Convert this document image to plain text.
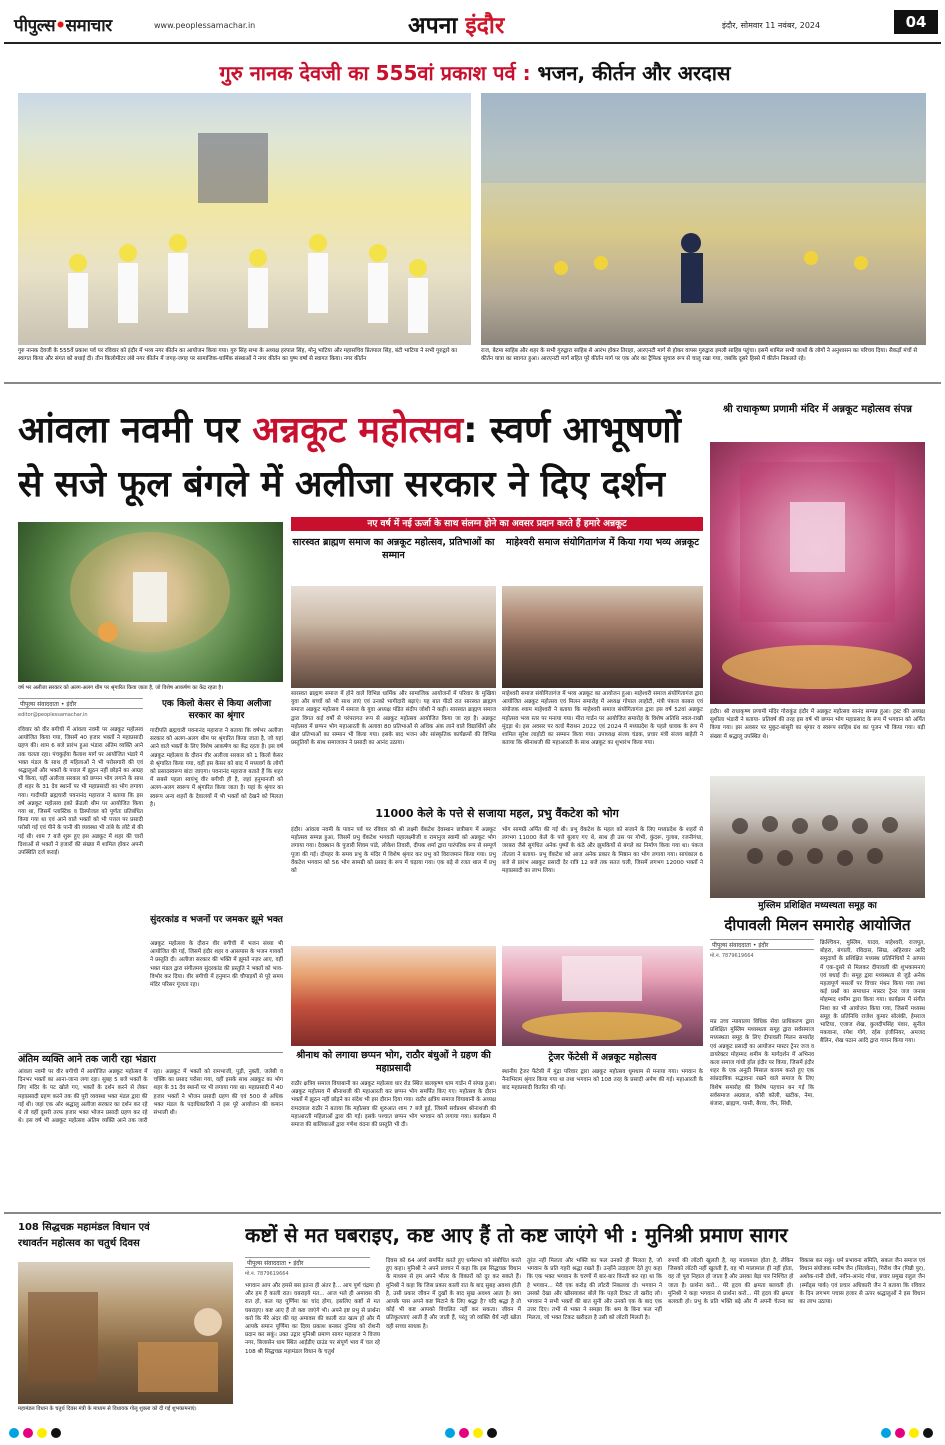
पीपुल्स•समाचार	www.peoplessamachar.in	अपना इंदौर	इंदौर, सोमवार 11 नवंबर, 2024	04
गुरु नानक देवजी का 555वां प्रकाश पर्व : भजन, कीर्तन और अरदास
गुरु नानक देवजी के 555वें प्रकाश पर्व पर रविवार को इंदौर में भव्य नगर कीर्तन का आयोजन किया गया। गुरु सिंह सभा के अध्यक्ष हरपाल सिंह, मोनू भाटिया और महासचिव प्रितपाल सिंह, बंटी भाटिया ने सभी गुरुद्वारे का स्वागत किया और संगत को बधाई दी। तीन किलोमीटर लंबे नगर कीर्तन में जगह-जगह पर सामाजिक-धार्मिक संस्थाओं ने नगर कीर्तन का पुष्प वर्षा से स्वागत किया। नगर कीर्तन
राज, बेटमा साहिब और शहर के सभी गुरुद्वारा साहिब से आरंभ होकर तिराहा, आरएनटी मार्ग से होकर वापस गुरुद्वारा इमली साहिब पहुंचा। इसमें शामिल सभी जत्थों के लोगों ने अनुशासन का परिचय दिया। सैकड़ों मंचों से कीर्तन यात्रा का स्वागत हुआ। आरएनटी मार्ग सहित पूरे कीर्तन मार्ग पर एक ओर का ट्रैफिक सुचारु रूप से चालू रखा गया, जबकि दूसरे हिस्से में कीर्तन निकलते रहे।
आंवला नवमी पर अन्नकूट महोत्सव: स्वर्ण आभूषणों
से सजे फूल बंगले में अलीजा सरकार ने दिए दर्शन
वर्ष भर अलीजा सरकार को अलग-अलग थीम पर श्रृंगारित किया जाता है, जो विशेष आकर्षण का केंद्र रहता है।
पीपुल्स संवाददाता • इंदौर
editor@peoplessamachar.in
रविवार को वीर बगीची में आंवला नवमी पर अन्नकूट महोत्सव आयोजित किया गया, जिसमें 40 हजार भक्तों ने महाप्रसादी ग्रहण की। शाम 6 बजे प्रारंभ हुआ भंडारा अंतिम व्यक्ति आने तक चलता रहा। पंचकुईया कैलाश मार्ग पर आयोजित भंडारे में भक्त मंडल के साथ ही महिलाओं ने भी परोसगारी की एवं श्रद्धालुओं और भक्तों के पत्तल में झूठन नहीं छोड़ने का आग्रह भी किया, यहीं अलीजा सरकार को छप्पन भोग लगाने के साथ ही शहर के 31 देव स्थानों पर भी महाप्रसादी का भोग लगाया गया। गादीपति ब्रह्मचारी पवनानंद महाराज ने बताया कि इस वर्ष अन्नकूट महोत्सव इको फ्रेंडली थीम पर आयोजित किया गया था, जिसमें प्लास्टिक व डिस्पोजल को पूर्णतः प्रतिबंधित किया गया था एवं आने वाले भक्तों को भी पत्तल पर प्रसादी परोसी गई एवं पीने के पानी की व्यवस्था भी तांबे के लोटे से की गई थी। शाम 7 बजे शुरू हुए इस अन्नकूट में शहर की चारों दिशाओं से भक्तों ने हजारों की संख्या में शामिल होकर अपनी उपस्थिति दर्ज कराई।
एक किलो केसर से किया अलीजा सरकार का श्रृंगार
गादीपति ब्रह्मचारी पवनानंद महाराज ने बताया कि वर्षभर अलीजा सरकार को अलग-अलग थीम पर श्रृंगारित किया जाता है, जो यहां आने वाले भक्तों के लिए विशेष आकर्षण का केंद्र रहता है। इस वर्ष अन्नकूट महोत्सव के दौरान वीर अलीजा सरकार को 1 किलो केसर से श्रृंगारित किया गया, वहीं इस केसर को बाद में मध्यवर्ग के लोगों को प्रसादस्वरूप बांटा जाएगा। पवनानंद महाराज बताते हैं कि शहर में सबसे पहला स्वयंभू वीर बगीची ही है, जहां हनुमानजी को अलग-अलग स्वरूप में श्रृंगारित किया जाता है। यहां के श्रृंगार का स्वरूप अन्य शहरों के देवालयों में भी भक्तों को देखने को मिलता है।
सुंदरकांड व भजनों पर जमकर झूमे भक्त
अन्नकूट महोत्सव के दौरान वीर बगीची में भजन संध्या भी आयोजित की गई, जिसमें इंदौर शहर व आसपास के भजन गायकों ने प्रस्तुति दी। अलीजा सरकार की भक्ति में झूमते नज़र आए, वहीं भक्त मंडल द्वारा संगीतमय सुंदरकांड की प्रस्तुति ने भक्तों को भाव-विभोर कर दिया। वीर बगीची में हनुमान की चौपाइयों से पूरे समय मंदिर परिसर गूंजता रहा।
अंतिम व्यक्ति आने तक जारी रहा भंडारा
आंवला नवमी पर वीर बगीची में आयोजित अन्नकूट महोत्सव में दिनभर भक्तों का आना-जाना लगा रहा। सुबह 5 बजे भक्तों के लिए मंदिर के पट खोले गए, भक्तों के दर्शन करने से लेकर महाप्रसादी ग्रहण करने तक की पूरी व्यवस्था भक्त मंडल द्वारा की गई थी। जहां एक ओर श्रद्धालु अलीजा सरकार का दर्शन कर रहे थे तो वहीं दूसरी तरफ हजार भक्त भोजन प्रसादी ग्रहण कर रहे थे। इस वर्ष भी अन्नकूट महोत्सव अंतिम व्यक्ति आने तक जारी रहा। अन्नकूट में भक्तों को रामभाजी, पुड़ी, नुक्ती, जलेबी व चक्कि का प्रसाद परोसा गया, वहीं इसके साथ अन्नकूट का भोग शहर के 31 देव स्थानों पर भी लगाया गया था। महाप्रसादी में 40 हजार भक्तों ने भोजन प्रसादी ग्रहण की एवं 500 से अधिक भक्त मंडल के पदाधिकारियों ने इस पूरे आयोजन की कमान संभाली थी।
नए वर्ष में नई ऊर्जा के साथ संलग्न होने का अवसर प्रदान करते हैं हमारे अन्नकूट
सारस्वत ब्राह्मण समाज का अन्नकूट महोत्सव, प्रतिभाओं का सम्मान
सारस्वत ब्राह्मण समाज में होने वाले विभिन्न धार्मिक और सामाजिक आयोजनों में परिवार के मुखिया युवा और बच्चों को भी साथ लाएं एवं उनको भागीदारी बढ़ाएं। यह बात पीठों रात सारस्वत ब्राह्मण समाज अन्नकूट महोत्सव में समाज के युवा अध्यक्ष पंडित संदीप जोशी ने कही। सारस्वत ब्राह्मण समाज द्वारा विगत कई वर्षों से परंपरागत रूप से अन्नकूट महोत्सव आयोजित किया जा रहा है। अन्नकूट महोत्सव में छप्पन भोग महाआरती के अलावा 80 प्रतिभाओं से अधिक अंक लाने वाले विद्यार्थियों और खेल प्रतिभाओं का सम्मान भी किया गया। इसके बाद भजन और सांस्कृतिक कार्यक्रमों की विभिन्न प्रस्तुतियों के साथ समाजजन ने प्रसादी का आनंद उठाया।
माहेश्वरी समाज संयोगितागंज में किया गया भव्य अन्नकूट
माहेश्वरी समाज संयोगितागंज में भव्य अन्नकूट का आयोजन हुआ। माहेश्वरी समाज संयोगितागंज द्वारा आयोजित अन्नकूट महोत्सव एवं मिलन समारोह में अध्यक्ष गोपाल लाहोटी, मंत्री पंकज काबरा एवं संयोजक श्याम माहेश्वरी ने बताया कि माहेश्वरी समाज संयोगितागंज द्वारा इस वर्ष 52वां अन्नकूट महोत्सव भव्य स्तर पर मनाया गया। मीरा गार्डन पर आयोजित समारोह के विशेष अतिथि नवल-राखी मूंदड़ा थे। इस अवसर पर वर्ल्ड मैराथन 2022 एवं 2024 में मध्यप्रदेश के पहले धावक के रूप में शामिल सुरेश लाहोटी का सम्मान किया गया। उपाध्यक्ष संजय चंडक, प्रचार मंत्री संजय बाहेती ने बताया कि श्रीनाथजी की महाआरती के साथ अन्नकूट का शुभारंभ किया गया।
11000 केले के पत्ते से सजाया महल, प्रभु वैंकटेश को भोग
इंदौर। आंवला नवमी के पावन पर्व पर रविवार को श्री लक्ष्मी वेंकटेश देवस्थान छत्रीबाग में अन्नकूट महोत्सव सम्पन्न हुआ, जिसमें प्रभु वेंकटेश भगवती महालक्ष्मीजी व रामानुज स्वामी को अन्नकूट भोग लगाया गया। देवस्थान के पुजारी शिवम पांडे, लोकेश तिवारी, दीपक शर्मा द्वारा पारंपरिक रूप से सम्पूर्ण पूजा की गई। दोपहर के समय प्रभु के मंदिर में विशेष श्रृंगार कर प्रभु को विराजमान किया गया। प्रभु वेंकटेश भगवान को 56 भोग सामग्री को प्रसाद के रूप में चढ़ाया गया। एक बड़े से रजत थाल में प्रभु को
भोग सामग्री अर्पित की गई थी। प्रभु वेंकटेश के महल को सजाने के लिए मध्यप्रदेश के शहरों से लगभग 11000 केले के पत्ते बुलाए गए थे, साथ ही उस पर गोभी, कुंदरू, गुलाब, रजनीगंधा, जरबरा जैसे सुगंधित अनेक पुष्पों के कंठे और झुमकियों से बंगले का निर्माण किया गया था। पंकज तोतला ने बताया- प्रभु वेंकटेश को आज अनेक प्रकार के मिष्ठान का भोग लगाया गया। सायंकाल 6 बजे से प्रारंभ अन्नकूट प्रसादी देर रात्रि 12 बजे तक सतत चली, जिसमें लगभग 12000 भक्तों ने महाप्रसादी का लाभ लिया।
श्रीनाथ को लगाया छप्पन भोग, राठौर बंधुओं ने ग्रहण की महाप्रसादी
राठौर क्षत्रिय समाज वियाबानी का अन्नकूट महोत्सव धार रोड स्थित बालकृष्ण धाम गार्डन में संपन्न हुआ। अन्नकूट महोत्सव में श्रीनाथजी की महाआरती कर छप्पन भोग समर्पित किए गए। महोत्सव के दौरान भक्तों में झूठन नहीं छोड़ने का संदेश भी इस दौरान दिया गया। राठौर क्षत्रिय समाज वियाबानी के अध्यक्ष रामदयाल राठौर ने बताया कि महोत्सव की शुरुआत शाम 7 बजे हुई, जिसमें सर्वप्रथम श्रीनाथजी की महाआरती महिलाओं द्वारा की गई। इसके पश्चात छप्पन भोग भगवान को लगाया गया। कार्यक्रम में समाज की बालिकाओं द्वारा गणेश वंदना की प्रस्तुति भी दी।
ट्रेजर फेंटेसी में अन्नकूट महोत्सव
स्थानीय ट्रेजर फेंटेसी में मुंद्रा परिवार द्वारा अन्नकूट महोत्सव धूमधाम से मनाया गया। भगवान के नैनाभिराम श्रृंगार किया गया था तथा भगवान को 108 तरह के प्रसादी अर्पण की गई। महाआरती के बाद महाप्रसादी वितरित की गई।
श्री राधाकृष्ण प्रणामी मंदिर में अन्नकूट महोत्सव संपन्न
इंदौर। श्री राधाकृष्ण प्रणामी मंदिर गोराकुंड इंदौर में अन्नकूट महोत्सव सानंद सम्पन्न हुआ। ट्रस्ट की अध्यक्ष सुशीला भंडारी ने बताया- प्रतिवर्ष की तरह इस वर्ष भी छप्पन भोग महाप्रसाद के रूप में भगवान को अर्पित किया गया। इस अवसर पर मुकुट-बांसुरी का श्रृंगार व स्वरूप साहिब ग्रंथ का पूजन भी किया गया। बड़ी संख्या में श्रद्धालु उपस्थित थे।
मुस्लिम प्रशिक्षित मध्यस्थता समूह का
दीपावली मिलन समारोह आयोजित
पीपुल्स संवाददाता • इंदौर
मो.नं. 7879619664
मप्र उच्च न्यायालय विधिक सेवा प्राधिकरण द्वारा प्रशिक्षित मुस्लिम मध्यस्थता समूह द्वारा सर्वसमाज मध्यस्थता समूह के लिए दीपावली मिलन समारोह एवं अन्नकूट प्रसादी का आयोजन मास्टर ट्रेनर जज व डायरेक्टर मोहम्मद शमीम के मार्गदर्शन में अभिनव कला समाज गांधी हॉल इंदौर पर किया, जिसमें इंदौर शहर के एक अनूठी मिसाल कायम करते हुए एक सांप्रदायिक सद्भावना रखने वाले समाज के लिए विशेष समारोह की विशेष पहचान बन गई कि सर्वसमाज अग्रवाल, कोरी कोली, खटीक, नेमा, बंजारा, ब्राह्मण, पासी, बैरवा, जैन, सिंधी,
क्रिश्चियन, मुस्लिम, यादव, माहेश्वरी, राजपूत, बोहरा, बंगाली, रविदास, सिख, अहिरवार आदि समुदायों के प्रशिक्षित मध्यस्थ प्रतिनिधियों ने आपस में एक-दूसरे से मिलकर दीपावली की शुभकामनाएं एवं बधाई दी। समूह द्वारा मध्यस्थता से जुड़े अनेक महत्वपूर्ण मसलों पर विचार मंथन किया गया तथा कई प्रश्नों का समाधान मास्टर ट्रेनर जज जनाब मोहम्मद शमीम द्वारा किया गया। कार्यक्रम में संगीत निशा का भी आयोजन किया गया, जिसमें मध्यस्थ समूह के प्रतिनिधि राजेश कुमार सोलंकी, हेमराज भाटिया, एजाज शेख, कुलदीपसिंह पंवार, सुनील मकवाना, रमेश गोगे, रईस इंजीनियर, अमजद बैलिन, शेख पठान आदि द्वारा गायन किया गया।
108 सिद्धचक्र महामंडल विधान एवं
रथावर्तन महोत्सव का चतुर्थ दिवस
महामंडल विधान के चतुर्थ दिवस मंत्री के माध्यम से विधायक गोलू शुक्ला को दी गई शुभकामनाएं।
कष्टों से मत घबराइए, कष्ट आए हैं तो कष्ट जाएंगे भी : मुनिश्री प्रमाण सागर
पीपुल्स संवाददाता • इंदौर
मो.नं. 7879619664
भगवान आप और हमसे बस इतना ही अंतर है... आप पूर्ण चंद्रमा हो और हम हैं काली रात। घबराइये मत... आज भले ही अमावस की रात हो, कल यह पूर्णिमा का चांद होगा, इसलिए कष्टों से मत घबराइए। कष्ट आए हैं तो कष्ट जाएंगे भी। अपने इष्ट प्रभु से प्रार्थना करो कि मेरे अंदर की यह अमावस की काली रात खत्म हो और मैं आपके समान पूर्णिमा का दिव्य प्रकाश बनकर दुनिया को रोशनी प्रदान कर सकूं। उक्त उद्गार मुनिश्री प्रमाण सागर महाराज ने विजय नगर, बिजासेन धाम स्थित आईडीए ग्राउंड पर संपूर्ण भाव में चल रहे 108 श्री सिद्धचक्र महामंडल विधान के चतुर्थ
दिवस को 64 अर्घ्य समर्पित करते हुए धर्मसभा को संबोधित करते हुए कहा। मुनिश्री ने अपने प्रवचन में कहा कि इस सिद्धचक्र विधान के माध्यम से हम अपने भीतर के विकारों को दूर कर सकते हैं। मुनिश्री ने कहा कि जिस प्रकार काली रात के बाद सुबह अवश्य होती है, उसी प्रकार जीवन में दुखों के बाद सुख अवश्य आता है। क्या आपके पास अपने कष्ट मिटाने के लिए श्रद्धा है? यदि श्रद्धा है तो कोई भी कष्ट आपको विचलित नहीं कर सकता। जीवन में प्रतिकूलताएं आती हैं और जाती हैं, परंतु जो व्यक्ति धैर्य नहीं खोता वही सच्चा साधक है।
तुरंत नहीं मिलता और भक्ति का फल उनको ही मिलता है, जो भगवान के प्रति गहरी श्रद्धा रखते हैं। उन्होंने उदाहरण देते हुए कहा कि एक भक्त भगवान के चरणों में बार-बार विनती कर रहा था कि हे भगवान... मेरी एक करोड़ की लॉटरी निकलवा दो। भगवान ने उसको देखा और खीसयाकर बोले कि पहले टिकट तो खरीद लो। भगवान ने सभी भक्तों की बात सुनी और उनको एक के बाद एक उत्तर दिए। तभी से भक्त ने समझा कि श्रम के बिना फल नहीं मिलता, जो भक्त टिकट खरीदता है उसी को लॉटरी मिलती है।
रुपयों की लॉटरी खुलती है, यह मालामाल होता है, लेकिन जिसको लॉटरी नहीं खुलती है, वह भी मालामाल ही नहीं होता, वह तो पूरा निहाल हो जाता है और उसका बेड़ा पार निश्चित हो जाता है। प्रार्थना करो... मेरे हृदय की क्षमता बलवती हो। मुनिश्री ने कहा भगवान से प्रार्थना करो... मेरे हृदय की क्षमता बलवती हो। प्रभु के प्रति भक्ति बढ़े और मैं अपनी चेतना का विकास कर सकूं। धर्म प्रभावना समिति, सकल जैन समाज एवं विधान संयोजक मनीष जैन (सिलकेन), गिरीश जैन (पिन्नी पुर), अशोक-रानी दोशी, नवीन-आनंद गोधा, प्रचार प्रमुख राहुल जैन (स्मोंड्स पार्क) एवं प्रचार अधिकारी जैन ने बताया कि रविवार के दिन लगभग पचास हजार से ऊपर श्रद्धालुओं ने इस विधान का लाभ उठाया।
